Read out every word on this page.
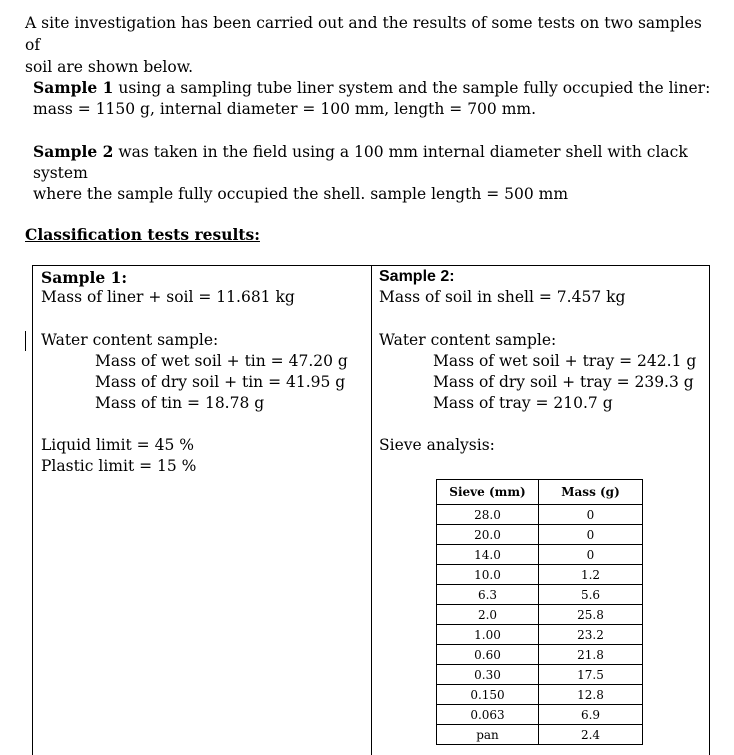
A site investigation has been carried out and the results of some tests on two samples of
soil are shown below.
Sample 1 using a sampling tube liner system and the sample fully occupied the liner:
mass = 1150 g, internal diameter = 100 mm, length = 700 mm.
Sample 2 was taken in the field using a 100 mm internal diameter shell with clack system
where the sample fully occupied the shell. sample length = 500 mm
Classification tests results:
Sample 1:
Mass of liner + soil = 11.681 kg
Water content sample:
Mass of wet soil + tin = 47.20 g
Mass of dry soil + tin = 41.95 g
Mass of tin = 18.78 g
Liquid limit = 45 %
Plastic limit = 15 %
Sample 2:
Mass of soil in shell = 7.457 kg
Water content sample:
Mass of wet soil + tray = 242.1 g
Mass of dry soil + tray = 239.3 g
Mass of tray = 210.7 g
Sieve analysis:
Sieve (mm)	Mass (g)
28.0	0
20.0	0
14.0	0
10.0	1.2
6.3	5.6
2.0	25.8
1.00	23.2
0.60	21.8
0.30	17.5
0.150	12.8
0.063	6.9
pan	2.4
